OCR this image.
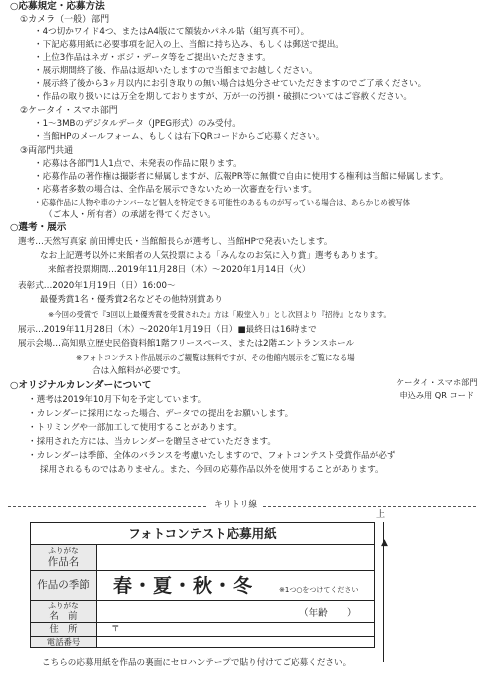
○応募規定・応募方法
①カメラ（一般）部門
・4つ切かワイド4つ、またはA4版にて額装かパネル貼（組写真不可）。
・下記応募用紙に必要事項を記入の上、当館に持ち込み、もしくは郵送で提出。
・上位3作品はネガ・ポジ・データ等をご提出いただきます。
・展示期間終了後、作品は返却いたしますので当館までお越しください。
・展示終了後から3ヶ月以内にお引き取りの無い場合は処分させていただきますのでご了承ください。
・作品の取り扱いには万全を期しておりますが、万が一の汚損・破損についてはご容赦ください。
②ケータイ・スマホ部門
・1～3MBのデジタルデータ（JPEG形式）のみ受付。
・当館HPのメールフォーム、もしくは右下QRコードからご応募ください。
③両部門共通
・応募は各部門1人1点で、未発表の作品に限ります。
・応募作品の著作権は撮影者に帰属しますが、広報PR等に無償で自由に使用する権利は当館に帰属します。
・応募者多数の場合は、全作品を展示できないため一次審査を行います。
・応募作品に人物や車のナンバーなど個人を特定できる可能性のあるものが写っている場合は、あらかじめ被写体
（ご本人・所有者）の承諾を得てください。
○選考・展示
選考…天然写真家 前田博史氏・当館館長らが選考し、当館HPで発表いたします。
なお上記選考以外に来館者の人気投票による「みんなのお気に入り賞」選考もあります。
来館者投票期間…2019年11月28日（木）～2020年1月14日（火）
表彰式…2020年1月19日（日）16:00～
最優秀賞1名・優秀賞2名などその他特別賞あり
※今回の受賞で『3回以上最優秀賞を受賞された』方は「殿堂入り」とし次回より『招待』となります。
展示…2019年11月28日（木）～2020年1月19日（日）■最終日は16時まで
展示会場…高知県立歴史民俗資料館1階フリースペース、または2階エントランスホール
※フォトコンテスト作品展示のご観覧は無料ですが、その他館内展示をご覧になる場
合は入館料が必要です。
○オリジナルカレンダーについて
・選考は2019年10月下旬を予定しています。
・カレンダーに採用になった場合、データでの提出をお願いします。
・トリミングや一部加工して使用することがあります。
・採用された方には、当カレンダーを贈呈させていただきます。
・カレンダーは季節、全体のバランスを考慮いたしますので、フォトコンテスト受賞作品が必ず
採用されるものではありません。また、今回の応募作品以外を使用することがあります。
ケータイ・スマホ部門
申込み用 QR コード
キリトリ線
フォトコンテスト応募用紙
ふりがな
作品名
作品の季節	春・夏・秋・冬	※1つ○をつけてください
ふりがな
名　前	（年齢　　）
住　所	〒
電話番号
上
▲
こちらの応募用紙を作品の裏面にセロハンテープで貼り付けてご応募ください。
